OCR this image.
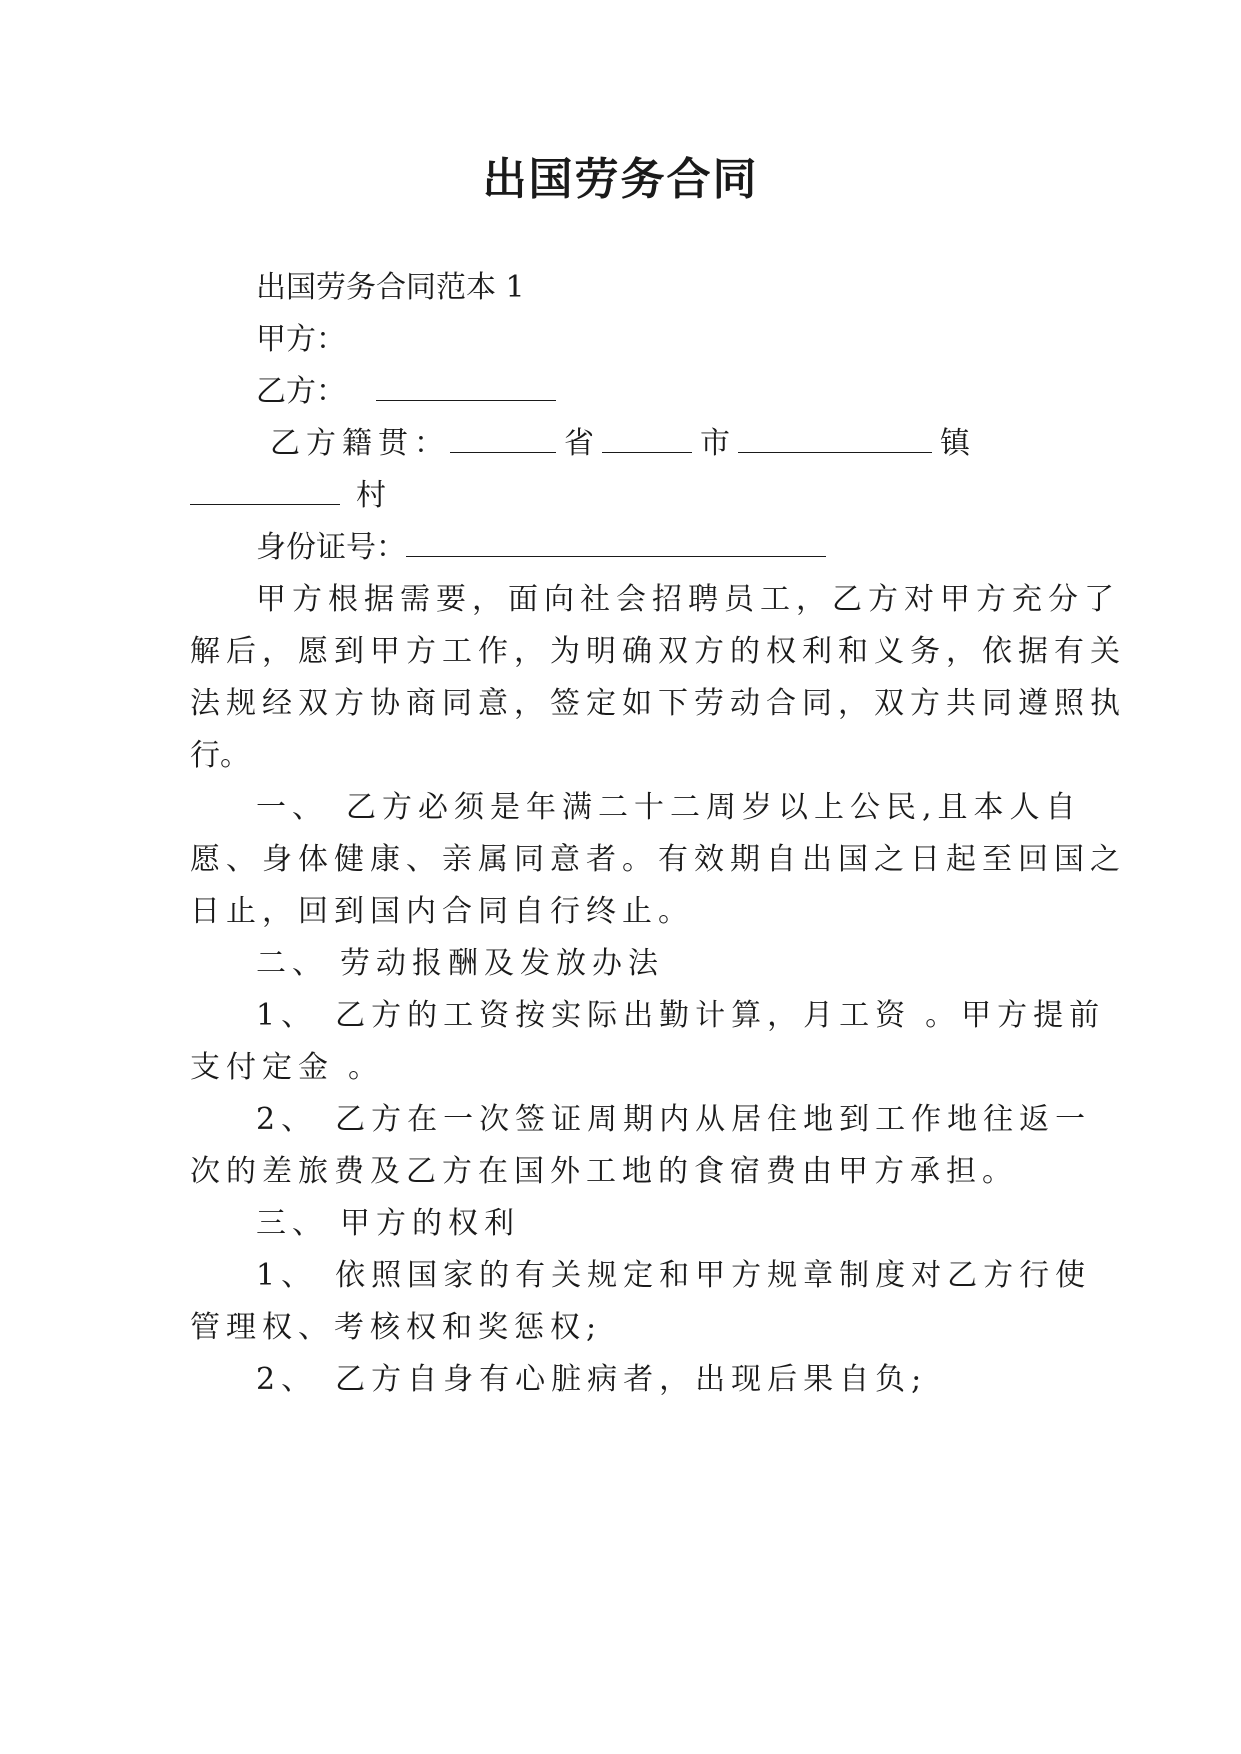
出国劳务合同
出国劳务合同范本 1
甲方：
乙方：
乙方籍贯：	省	市	镇
村
身份证号：
甲方根据需要，面向社会招聘员工，乙方对甲方充分了
解后，愿到甲方工作，为明确双方的权利和义务，依据有关
法规经双方协商同意，签定如下劳动合同，双方共同遵照执
行。
一、 乙方必须是年满二十二周岁以上公民,且本人自
愿、身体健康、亲属同意者。有效期自出国之日起至回国之
日止，回到国内合同自行终止。
二、 劳动报酬及发放办法
1、 乙方的工资按实际出勤计算，月工资 。甲方提前
支付定金 。
2、 乙方在一次签证周期内从居住地到工作地往返一
次的差旅费及乙方在国外工地的食宿费由甲方承担。
三、 甲方的权利
1、 依照国家的有关规定和甲方规章制度对乙方行使
管理权、考核权和奖惩权;
2、 乙方自身有心脏病者，出现后果自负;
